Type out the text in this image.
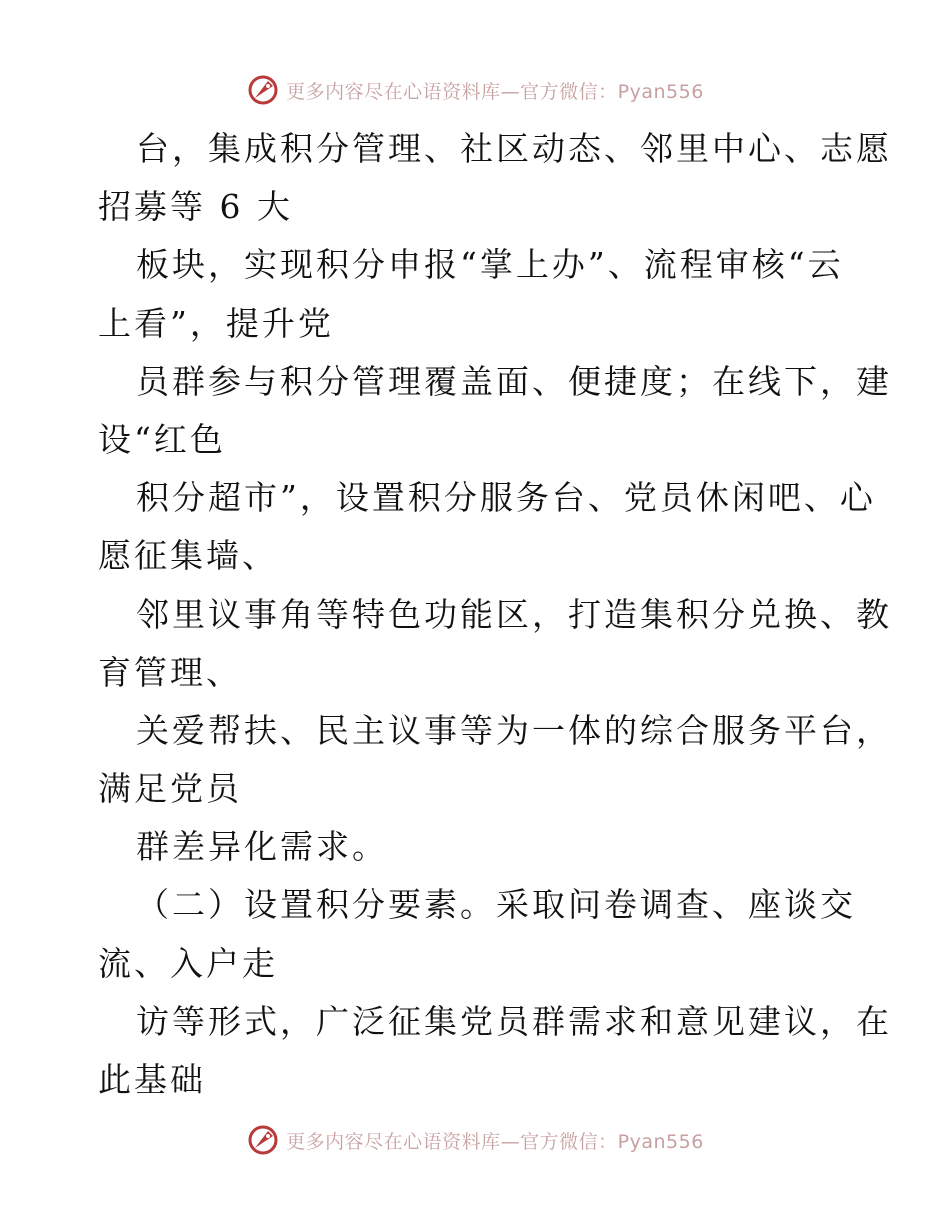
更多内容尽在心语资料库—官方微信：Pyan556
台，集成积分管理、社区动态、邻里中心、志愿
招募等 6 大
板块，实现积分申报“掌上办”、流程审核“云
上看”，提升党
员群参与积分管理覆盖面、便捷度；在线下，建
设“红色
积分超市”，设置积分服务台、党员休闲吧、心
愿征集墙、
邻里议事角等特色功能区，打造集积分兑换、教
育管理、
关爱帮扶、民主议事等为一体的综合服务平台，
满足党员
群差异化需求。
（二）设置积分要素。采取问卷调查、座谈交
流、入户走
访等形式，广泛征集党员群需求和意见建议，在
此基础
更多内容尽在心语资料库—官方微信：Pyan556
